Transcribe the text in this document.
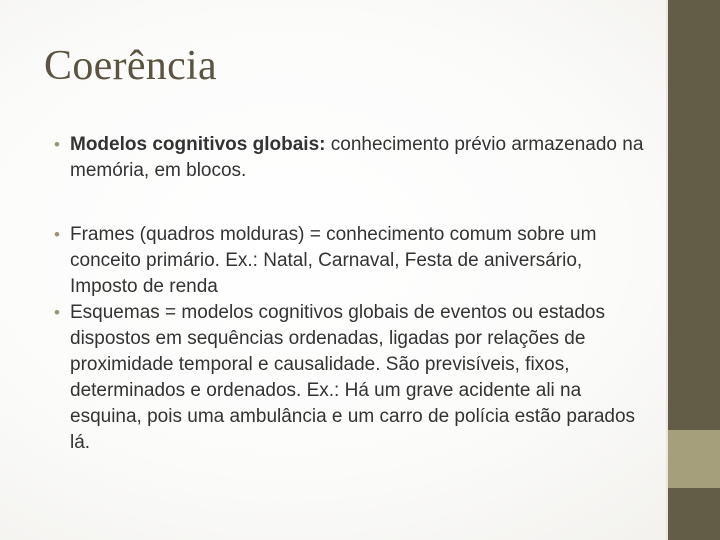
Coerência
• Modelos cognitivos globais: conhecimento prévio armazenado na memória, em blocos.
• Frames (quadros molduras) = conhecimento comum sobre um conceito primário. Ex.: Natal, Carnaval, Festa de aniversário, Imposto de renda
• Esquemas = modelos cognitivos globais de eventos ou estados dispostos em sequências ordenadas, ligadas por relações de proximidade temporal e causalidade. São previsíveis, fixos, determinados e ordenados. Ex.: Há um grave acidente ali na esquina, pois uma ambulância e um carro de polícia estão parados lá.
